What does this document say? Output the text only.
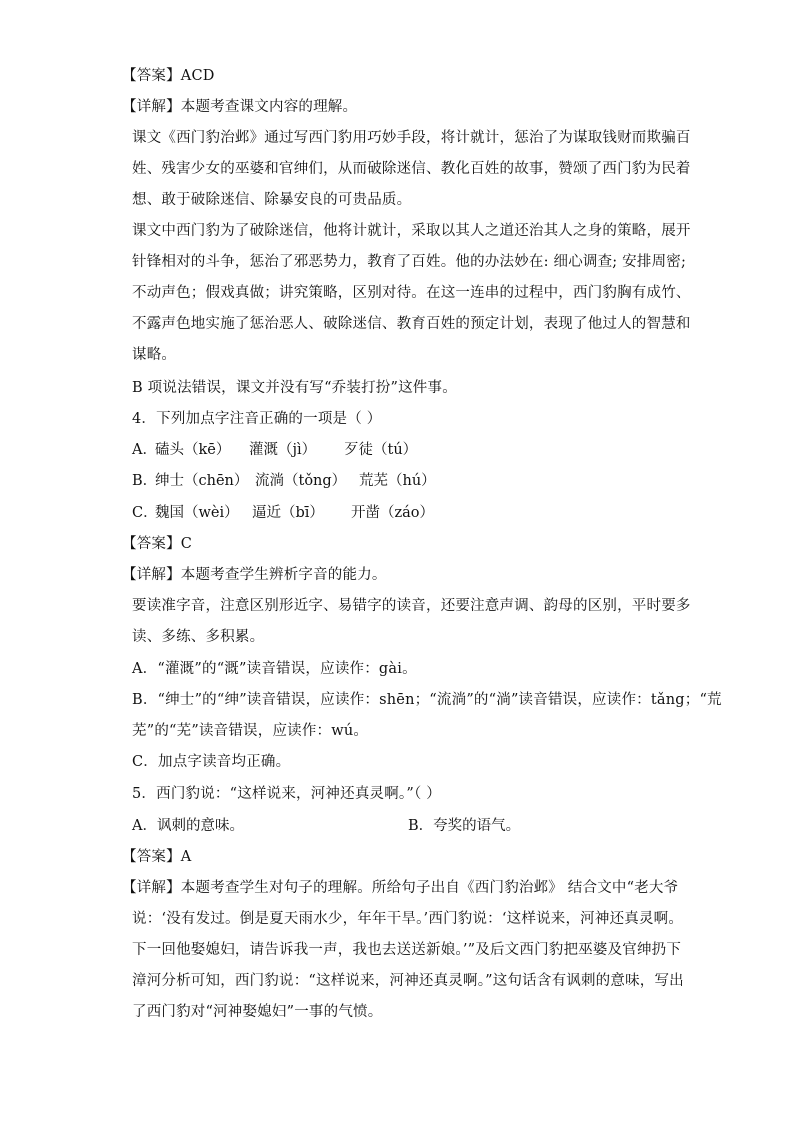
【答案】ACD
【详解】本题考查课文内容的理解。
课文《西门豹治邺》通过写西门豹用巧妙手段，将计就计，惩治了为谋取钱财而欺骗百
姓、残害少女的巫婆和官绅们，从而破除迷信、教化百姓的故事，赞颂了西门豹为民着
想、敢于破除迷信、除暴安良的可贵品质。
课文中西门豹为了破除迷信，他将计就计，采取以其人之道还治其人之身的策略，展开
针锋相对的斗争，惩治了邪恶势力，教育了百姓。他的办法妙在: 细心调查; 安排周密;
不动声色；假戏真做；讲究策略，区别对待。在这一连串的过程中，西门豹胸有成竹、
不露声色地实施了惩治恶人、破除迷信、教育百姓的预定计划，表现了他过人的智慧和
谋略。
B 项说法错误，课文并没有写“乔装打扮”这件事。
4．下列加点字注音正确的一项是（ ）
A．
磕头（kē） 灌溉（jì） 歹徒（tú）
B．
绅士（chēn） 流淌（tǒng） 荒芜（hú）
C．
魏国（wèi） 逼近（bī） 开凿（záo）
【答案】C
【详解】本题考查学生辨析字音的能力。
要读准字音，注意区别形近字、易错字的读音，还要注意声调、韵母的区别，平时要多
读、多练、多积累。
A．“灌溉”的“溉”读音错误，应读作：gài。
B．“绅士”的“绅”读音错误，应读作：shēn；“流淌”的“淌”读音错误，应读作：tǎng；“荒
芜”的“芜”读音错误，应读作：wú。
C．加点字读音均正确。
5．西门豹说：“这样说来，河神还真灵啊。”（ ）
A．讽刺的意味。	B．夸奖的语气。
【答案】A
【详解】本题考查学生对句子的理解。所给句子出自《西门豹治邺》 结合文中“老大爷
说：‘没有发过。倒是夏天雨水少，年年干旱。’西门豹说：‘这样说来，河神还真灵啊。
下一回他娶媳妇，请告诉我一声，我也去送送新娘。’”及后文西门豹把巫婆及官绅扔下
漳河分析可知，西门豹说：“这样说来，河神还真灵啊。”这句话含有讽刺的意味，写出
了西门豹对“河神娶媳妇”一事的气愤。
